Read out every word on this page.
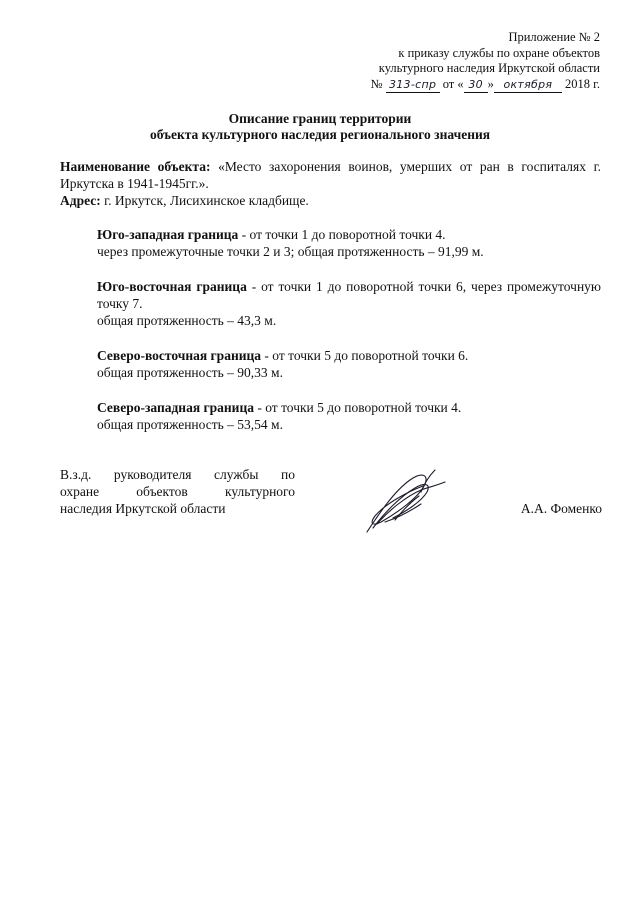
Приложение № 2
к приказу службы по охране объектов
культурного наследия Иркутской области
№ 313-спр от « 30 » октября 2018 г.
Описание границ территории
объекта культурного наследия регионального значения
Наименование объекта: «Место захоронения воинов, умерших от ран в госпиталях г. Иркутска в 1941-1945гг.».
Адрес: г. Иркутск, Лисихинское кладбище.
Юго-западная граница - от точки 1 до поворотной точки 4.
через промежуточные точки 2 и 3; общая протяженность – 91,99 м.
Юго-восточная граница - от точки 1 до поворотной точки 6, через промежуточную точку 7.
общая протяженность – 43,3 м.
Северо-восточная граница - от точки 5 до поворотной точки 6.
общая протяженность – 90,33 м.
Северо-западная граница - от точки 5 до поворотной точки 4.
общая протяженность – 53,54 м.
В.з.д. руководителя службы по
охране объектов культурного
наследия Иркутской области	А.А. Фоменко
